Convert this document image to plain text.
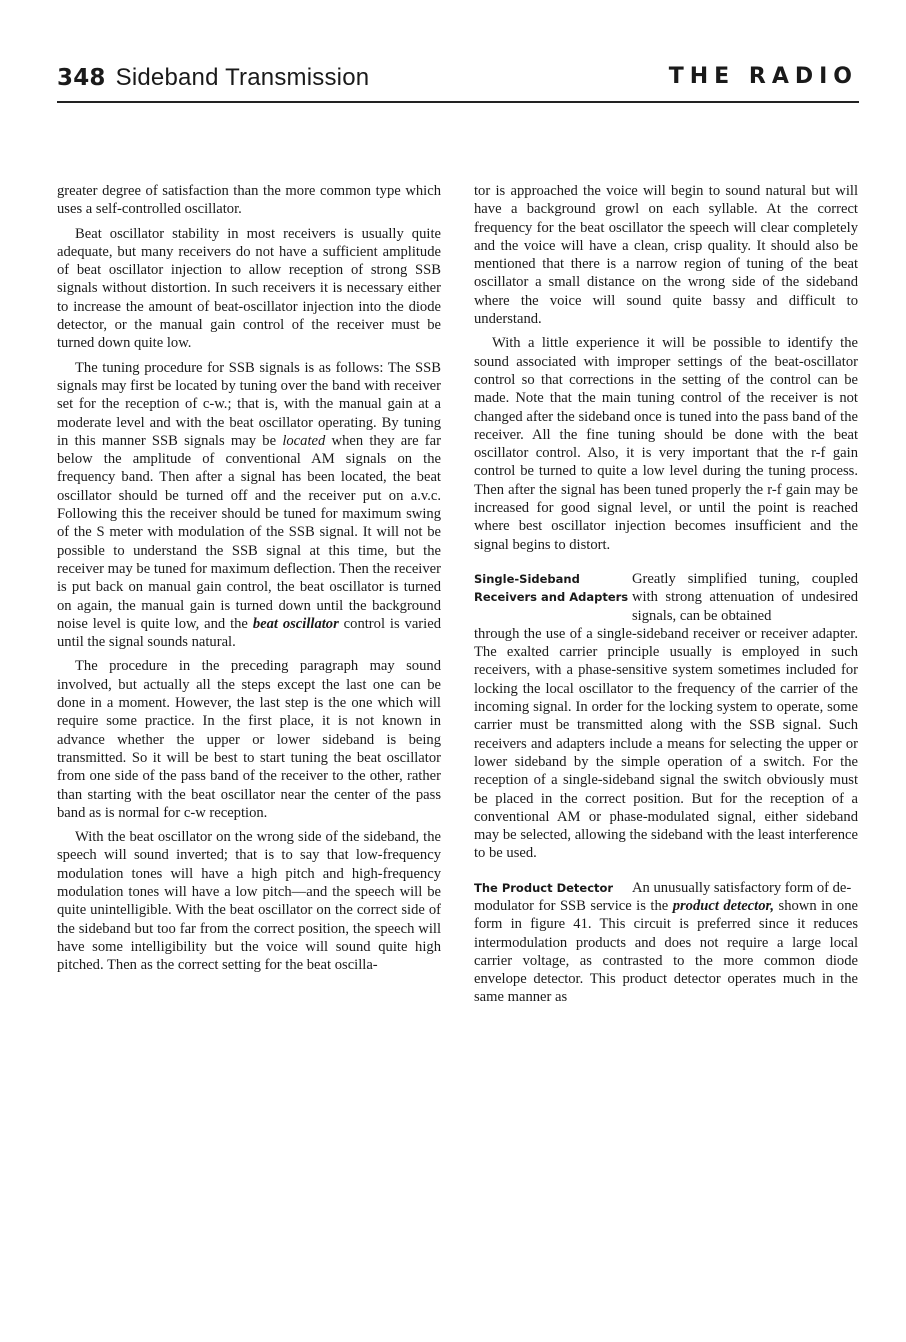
348 Sideband Transmission	THE RADIO

greater degree of satisfaction than the more common type which uses a self-controlled oscillator.

Beat oscillator stability in most receivers is usually quite adequate, but many receivers do not have a sufficient amplitude of beat oscillator injection to allow reception of strong SSB signals without distortion. In such receivers it is necessary either to increase the amount of beat-oscillator injection into the diode detector, or the manual gain control of the receiver must be turned down quite low.

The tuning procedure for SSB signals is as follows: The SSB signals may first be located by tuning over the band with receiver set for the reception of c-w.; that is, with the manual gain at a moderate level and with the beat oscillator operating. By tuning in this manner SSB signals may be located when they are far below the amplitude of conventional AM signals on the frequency band. Then after a signal has been located, the beat oscillator should be turned off and the receiver put on a.v.c. Following this the receiver should be tuned for maximum swing of the S meter with modulation of the SSB signal. It will not be possible to understand the SSB signal at this time, but the receiver may be tuned for maximum deflection. Then the receiver is put back on manual gain control, the beat oscillator is turned on again, the manual gain is turned down until the background noise level is quite low, and the beat oscillator control is varied until the signal sounds natural.

The procedure in the preceding paragraph may sound involved, but actually all the steps except the last one can be done in a moment. However, the last step is the one which will require some practice. In the first place, it is not known in advance whether the upper or lower sideband is being transmitted. So it will be best to start tuning the beat oscillator from one side of the pass band of the receiver to the other, rather than starting with the beat oscillator near the center of the pass band as is normal for c-w reception.

With the beat oscillator on the wrong side of the sideband, the speech will sound inverted; that is to say that low-frequency modulation tones will have a high pitch and high-frequency modulation tones will have a low pitch—and the speech will be quite unintelligible. With the beat oscillator on the correct side of the sideband but too far from the correct position, the speech will have some intelligibility but the voice will sound quite high pitched. Then as the correct setting for the beat oscilla-

tor is approached the voice will begin to sound natural but will have a background growl on each syllable. At the correct frequency for the beat oscillator the speech will clear completely and the voice will have a clean, crisp quality. It should also be mentioned that there is a narrow region of tuning of the beat oscillator a small distance on the wrong side of the sideband where the voice will sound quite bassy and difficult to understand.

With a little experience it will be possible to identify the sound associated with improper settings of the beat-oscillator control so that corrections in the setting of the control can be made. Note that the main tuning control of the receiver is not changed after the sideband once is tuned into the pass band of the receiver. All the fine tuning should be done with the beat oscillator control. Also, it is very important that the r-f gain control be turned to quite a low level during the tuning process. Then after the signal has been tuned properly the r-f gain may be increased for good signal level, or until the point is reached where best oscillator injection becomes insufficient and the signal begins to distort.

Single-Sideband Receivers and Adapters
Greatly simplified tuning, coupled with strong attenuation of undesired signals, can be obtained

through the use of a single-sideband receiver or receiver adapter. The exalted carrier principle usually is employed in such receivers, with a phase-sensitive system sometimes included for locking the local oscillator to the frequency of the carrier of the incoming signal. In order for the locking system to operate, some carrier must be transmitted along with the SSB signal. Such receivers and adapters include a means for selecting the upper or lower sideband by the simple operation of a switch. For the reception of a single-sideband signal the switch obviously must be placed in the correct position. But for the reception of a conventional AM or phase-modulated signal, either sideband may be selected, allowing the sideband with the least interference to be used.

The Product Detector	An unusually satisfactory form of de-

modulator for SSB service is the product detector, shown in one form in figure 41. This circuit is preferred since it reduces intermodulation products and does not require a large local carrier voltage, as contrasted to the more common diode envelope detector. This product detector operates much in the same manner as
